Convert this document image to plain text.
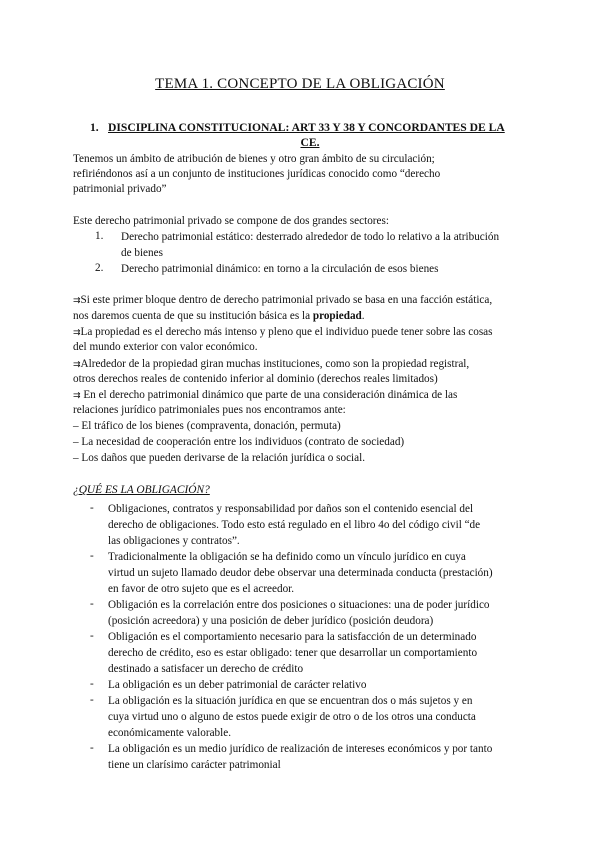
TEMA 1. CONCEPTO DE LA OBLIGACIÓN
1. DISCIPLINA CONSTITUCIONAL: ART 33 Y 38 Y CONCORDANTES DE LA
CE.
Tenemos un ámbito de atribución de bienes y otro gran ámbito de su circulación;
refiriéndonos así a un conjunto de instituciones jurídicas conocido como “derecho
patrimonial privado”
Este derecho patrimonial privado se compone de dos grandes sectores:
1. Derecho patrimonial estático: desterrado alrededor de todo lo relativo a la atribución
de bienes
2. Derecho patrimonial dinámico: en torno a la circulación de esos bienes
⇉Si este primer bloque dentro de derecho patrimonial privado se basa en una facción estática,
nos daremos cuenta de que su institución básica es la propiedad.
⇉La propiedad es el derecho más intenso y pleno que el individuo puede tener sobre las cosas
del mundo exterior con valor económico.
⇉Alrededor de la propiedad giran muchas instituciones, como son la propiedad registral,
otros derechos reales de contenido inferior al dominio (derechos reales limitados)
⇉ En el derecho patrimonial dinámico que parte de una consideración dinámica de las
relaciones jurídico patrimoniales pues nos encontramos ante:
– El tráfico de los bienes (compraventa, donación, permuta)
– La necesidad de cooperación entre los individuos (contrato de sociedad)
– Los daños que pueden derivarse de la relación jurídica o social.
¿QUÉ ES LA OBLIGACIÓN?
- Obligaciones, contratos y responsabilidad por daños son el contenido esencial del
derecho de obligaciones. Todo esto está regulado en el libro 4o del código civil “de
las obligaciones y contratos”.
- Tradicionalmente la obligación se ha definido como un vínculo jurídico en cuya
virtud un sujeto llamado deudor debe observar una determinada conducta (prestación)
en favor de otro sujeto que es el acreedor.
- Obligación es la correlación entre dos posiciones o situaciones: una de poder jurídico
(posición acreedora) y una posición de deber jurídico (posición deudora)
- Obligación es el comportamiento necesario para la satisfacción de un determinado
derecho de crédito, eso es estar obligado: tener que desarrollar un comportamiento
destinado a satisfacer un derecho de crédito
- La obligación es un deber patrimonial de carácter relativo
- La obligación es la situación jurídica en que se encuentran dos o más sujetos y en
cuya virtud uno o alguno de estos puede exigir de otro o de los otros una conducta
económicamente valorable.
- La obligación es un medio jurídico de realización de intereses económicos y por tanto
tiene un clarísimo carácter patrimonial
